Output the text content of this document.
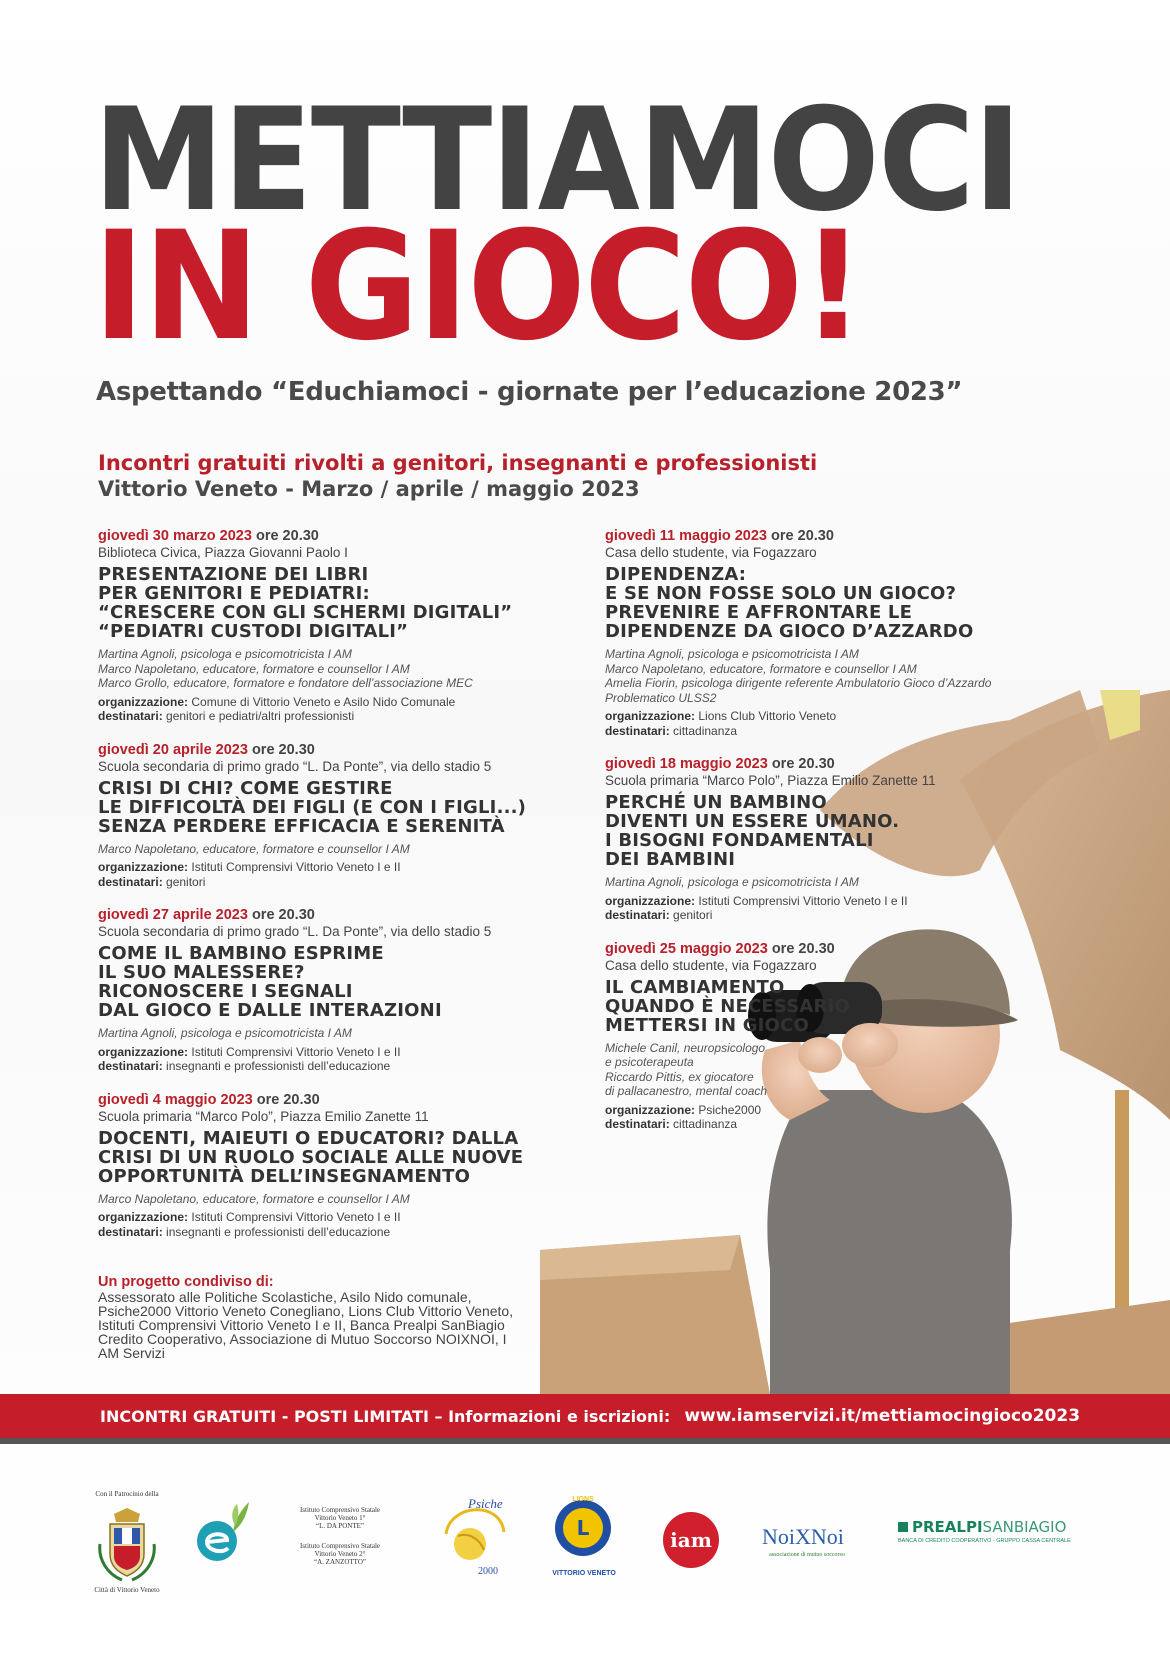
METTIAMOCI
IN GIOCO!
Aspettando “Educhiamoci - giornate per l’educazione 2023”
Incontri gratuiti rivolti a genitori, insegnanti e professionisti
Vittorio Veneto - Marzo / aprile / maggio 2023
giovedì 30 marzo 2023 ore 20.30
Biblioteca Civica, Piazza Giovanni Paolo I
PRESENTAZIONE DEI LIBRI
PER GENITORI E PEDIATRI:
“CRESCERE CON GLI SCHERMI DIGITALI”
“PEDIATRI CUSTODI DIGITALI”
Martina Agnoli, psicologa e psicomotricista I AM
Marco Napoletano, educatore, formatore e counsellor I AM
Marco Grollo, educatore, formatore e fondatore dell’associazione MEC
organizzazione: Comune di Vittorio Veneto e Asilo Nido Comunale
destinatari: genitori e pediatri/altri professionisti
giovedì 20 aprile 2023 ore 20.30
Scuola secondaria di primo grado “L. Da Ponte”, via dello stadio 5
CRISI DI CHI? COME GESTIRE
LE DIFFICOLTÀ DEI FIGLI (E CON I FIGLI...)
SENZA PERDERE EFFICACIA E SERENITÀ
Marco Napoletano, educatore, formatore e counsellor I AM
organizzazione: Istituti Comprensivi Vittorio Veneto I e II
destinatari: genitori
giovedì 27 aprile 2023 ore 20.30
Scuola secondaria di primo grado “L. Da Ponte”, via dello stadio 5
COME IL BAMBINO ESPRIME
IL SUO MALESSERE?
RICONOSCERE I SEGNALI
DAL GIOCO E DALLE INTERAZIONI
Martina Agnoli, psicologa e psicomotricista I AM
organizzazione: Istituti Comprensivi Vittorio Veneto I e II
destinatari: insegnanti e professionisti dell’educazione
giovedì 4 maggio 2023 ore 20.30
Scuola primaria “Marco Polo”, Piazza Emilio Zanette 11
DOCENTI, MAIEUTI O EDUCATORI? DALLA
CRISI DI UN RUOLO SOCIALE ALLE NUOVE
OPPORTUNITÀ DELL’INSEGNAMENTO
Marco Napoletano, educatore, formatore e counsellor I AM
organizzazione: Istituti Comprensivi Vittorio Veneto I e II
destinatari: insegnanti e professionisti dell’educazione
giovedì 11 maggio 2023 ore 20.30
Casa dello studente, via Fogazzaro
DIPENDENZA:
E SE NON FOSSE SOLO UN GIOCO?
PREVENIRE E AFFRONTARE LE
DIPENDENZE DA GIOCO D’AZZARDO
Martina Agnoli, psicologa e psicomotricista I AM
Marco Napoletano, educatore, formatore e counsellor I AM
Amelia Fiorin, psicologa dirigente referente Ambulatorio Gioco d’Azzardo
Problematico ULSS2
organizzazione: Lions Club Vittorio Veneto
destinatari: cittadinanza
giovedì 18 maggio 2023 ore 20.30
Scuola primaria “Marco Polo”, Piazza Emilio Zanette 11
PERCHÉ UN BAMBINO
DIVENTI UN ESSERE UMANO.
I BISOGNI FONDAMENTALI
DEI BAMBINI
Martina Agnoli, psicologa e psicomotricista I AM
organizzazione: Istituti Comprensivi Vittorio Veneto I e II
destinatari: genitori
giovedì 25 maggio 2023 ore 20.30
Casa dello studente, via Fogazzaro
IL CAMBIAMENTO
QUANDO È NECESSARIO
METTERSI IN GIOCO
Michele Canil, neuropsicologo
e psicoterapeuta
Riccardo Pittis, ex giocatore
di pallacanestro, mental coach
organizzazione: Psiche2000
destinatari: cittadinanza
Un progetto condiviso di:
Assessorato alle Politiche Scolastiche, Asilo Nido comunale, Psiche2000 Vittorio Veneto Conegliano, Lions Club Vittorio Veneto, Istituti Comprensivi Vittorio Veneto I e II, Banca Prealpi SanBiagio Credito Cooperativo, Associazione di Mutuo Soccorso NOIXNOI, I AM Servizi
INCONTRI GRATUITI - POSTI LIMITATI – Informazioni e iscrizioni: www.iamservizi.it/mettiamocingioco2023
Con il Patrocinio della
Città di Vittorio Veneto
Istituto Comprensivo Statale
Vittorio Veneto 1°
“L. DA PONTE”
Istituto Comprensivo Statale
Vittorio Veneto 2°
“A. ZANZOTTO”
Psiche
2000
L
LIONS
VITTORIO VENETO
iam	NoiXNoi
associazione di mutuo soccorso
PREALPISANBIAGIO
BANCA DI CREDITO COOPERATIVO - GRUPPO CASSA CENTRALE
